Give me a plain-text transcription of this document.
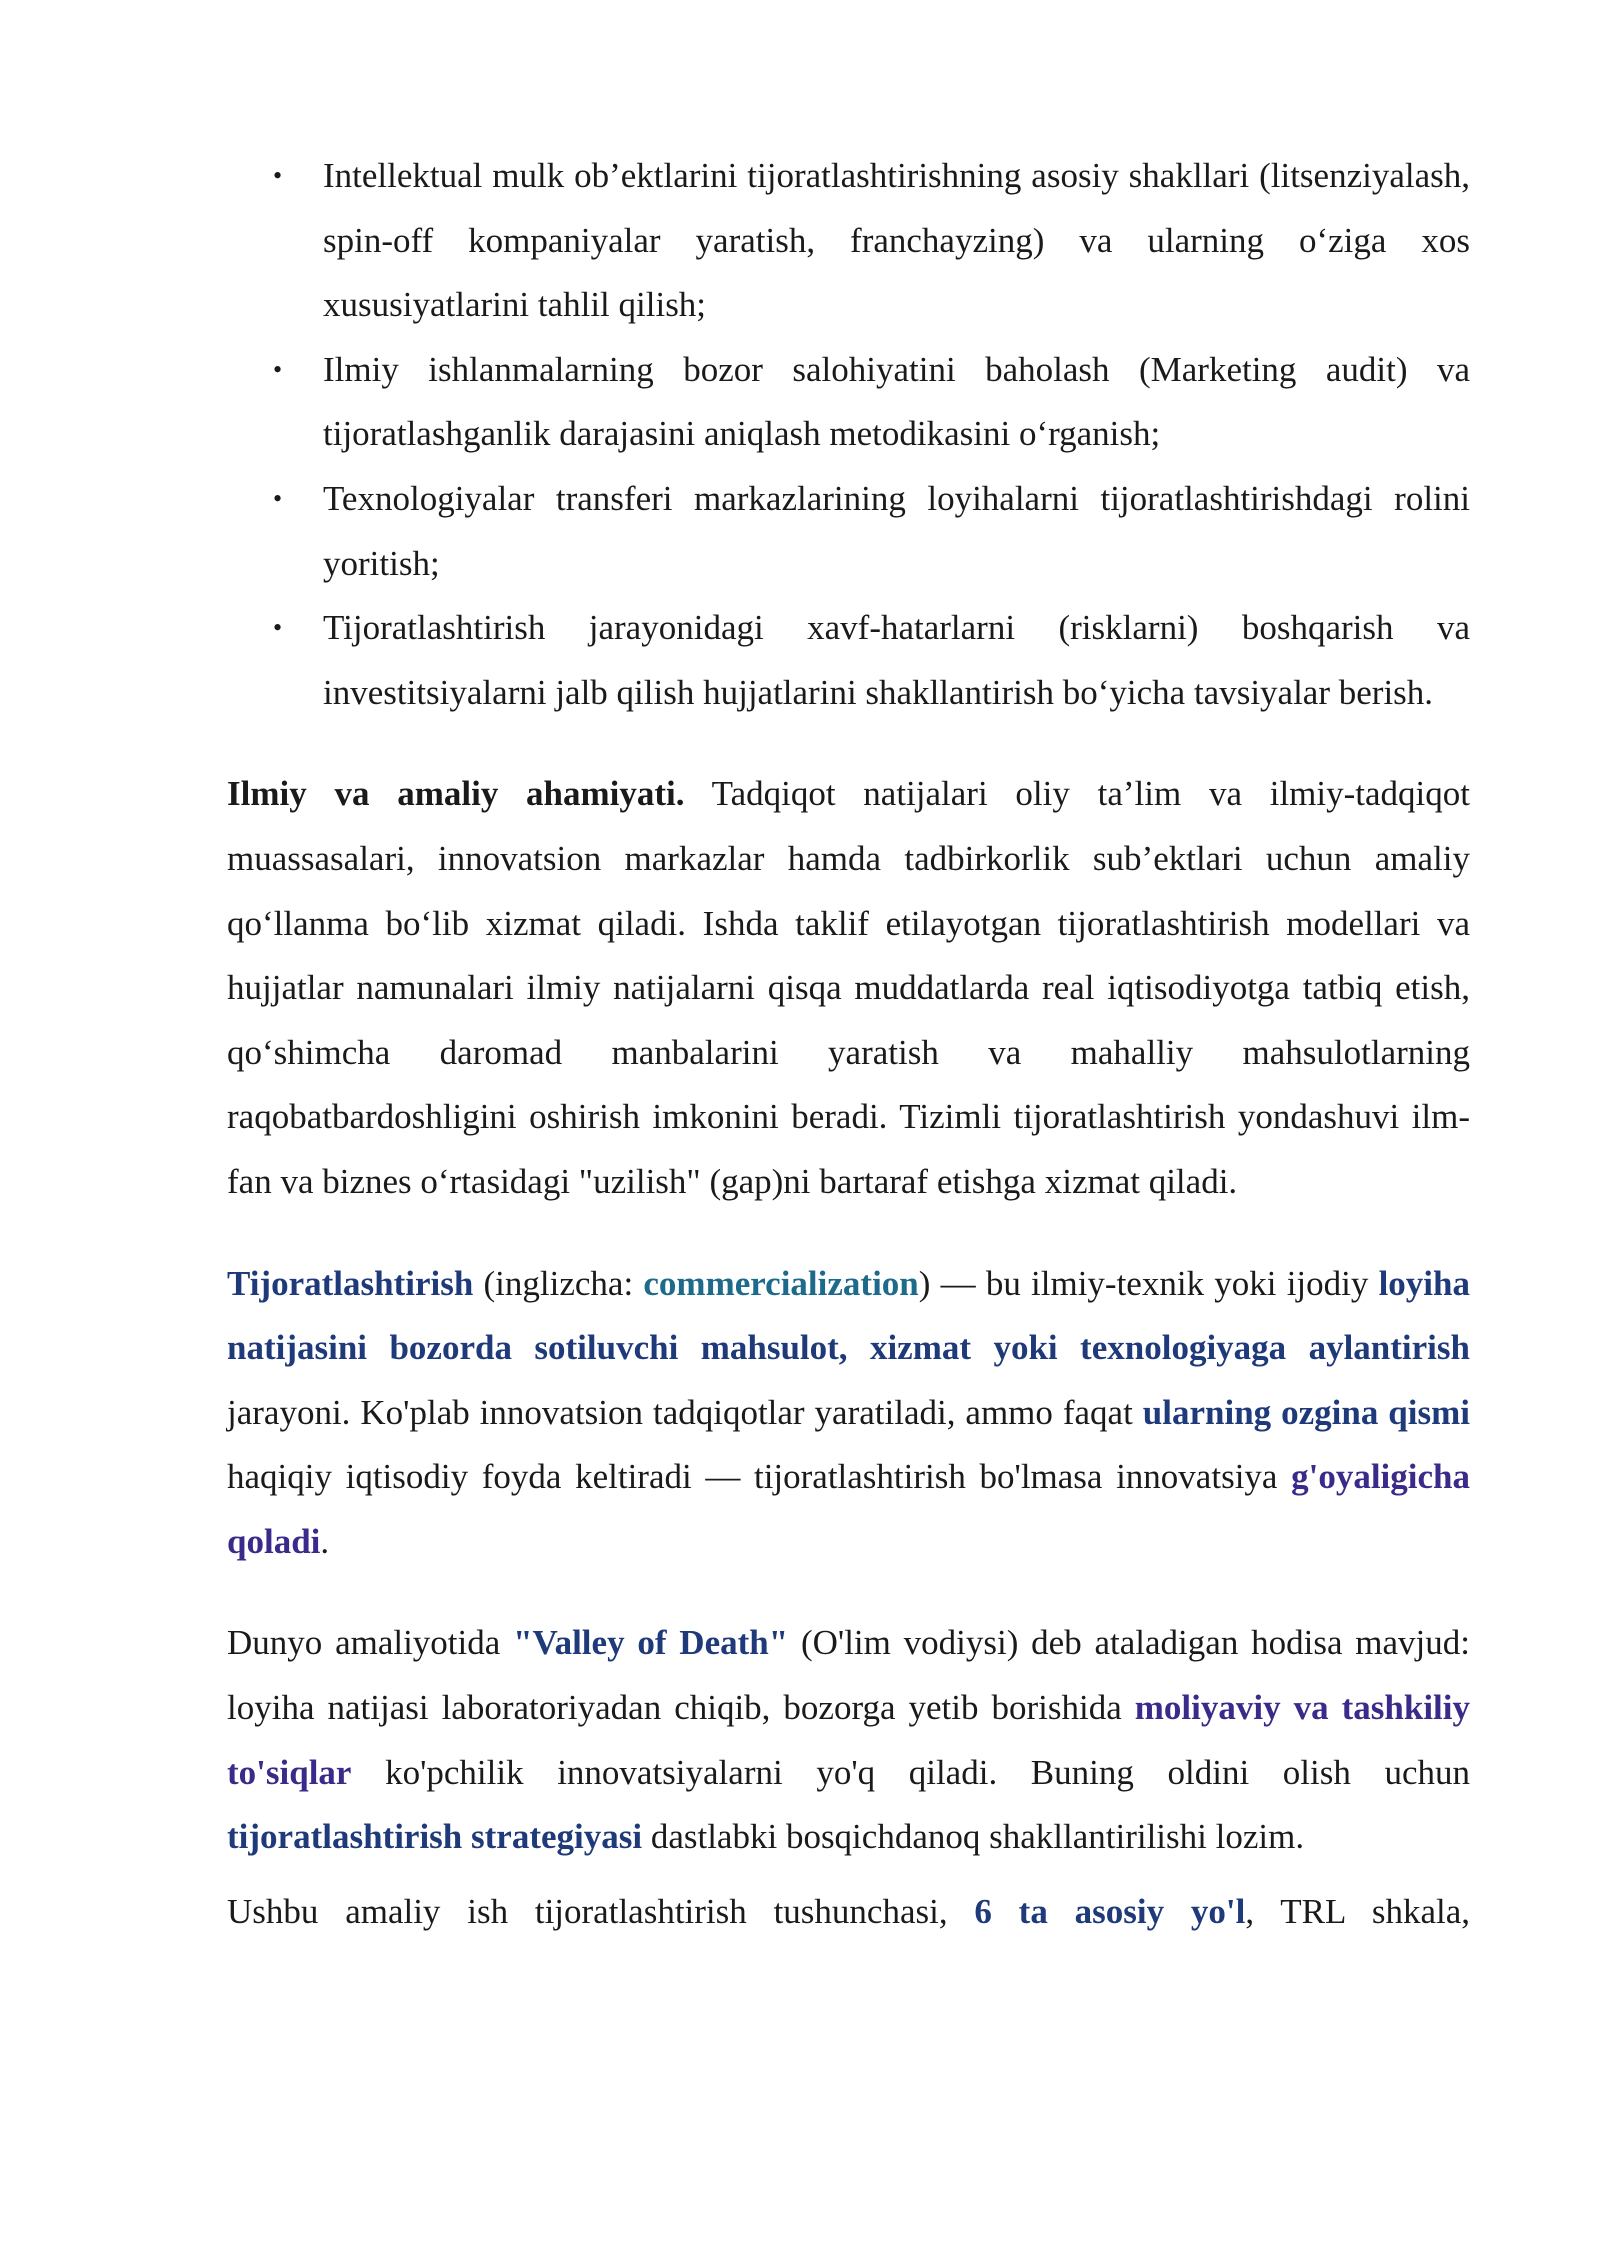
• Intellektual mulk ob’ektlarini tijoratlashtirishning asosiy shakllari (litsenziyalash, spin-off kompaniyalar yaratish, franchayzing) va ularning o‘ziga xos xususiyatlarini tahlil qilish;
• Ilmiy ishlanmalarning bozor salohiyatini baholash (Marketing audit) va tijoratlashganlik darajasini aniqlash metodikasini o‘rganish;
• Texnologiyalar transferi markazlarining loyihalarni tijoratlashtirishdagi rolini yoritish;
• Tijoratlashtirish jarayonidagi xavf-hatarlarni (risklarni) boshqarish va investitsiyalarni jalb qilish hujjatlarini shakllantirish bo‘yicha tavsiyalar berish.

Ilmiy va amaliy ahamiyati. Tadqiqot natijalari oliy ta’lim va ilmiy-tadqiqot muassasalari, innovatsion markazlar hamda tadbirkorlik sub’ektlari uchun amaliy qo‘llanma bo‘lib xizmat qiladi. Ishda taklif etilayotgan tijoratlashtirish modellari va hujjatlar namunalari ilmiy natijalarni qisqa muddatlarda real iqtisodiyotga tatbiq etish, qo‘shimcha daromad manbalarini yaratish va mahalliy mahsulotlarning raqobatbardoshligini oshirish imkonini beradi. Tizimli tijoratlashtirish yondashuvi ilm-fan va biznes o‘rtasidagi "uzilish" (gap)ni bartaraf etishga xizmat qiladi.

Tijoratlashtirish (inglizcha: commercialization) — bu ilmiy-texnik yoki ijodiy loyiha natijasini bozorda sotiluvchi mahsulot, xizmat yoki texnologiyaga aylantirish jarayoni. Ko'plab innovatsion tadqiqotlar yaratiladi, ammo faqat ularning ozgina qismi haqiqiy iqtisodiy foyda keltiradi — tijoratlashtirish bo'lmasa innovatsiya g'oyaligicha qoladi.

Dunyo amaliyotida "Valley of Death" (O'lim vodiysi) deb ataladigan hodisa mavjud: loyiha natijasi laboratoriyadan chiqib, bozorga yetib borishida moliyaviy va tashkiliy to'siqlar ko'pchilik innovatsiyalarni yo'q qiladi. Buning oldini olish uchun tijoratlashtirish strategiyasi dastlabki bosqichdanoq shakllantirilishi lozim.

Ushbu amaliy ish tijoratlashtirish tushunchasi, 6 ta asosiy yo'l, TRL shkala,
